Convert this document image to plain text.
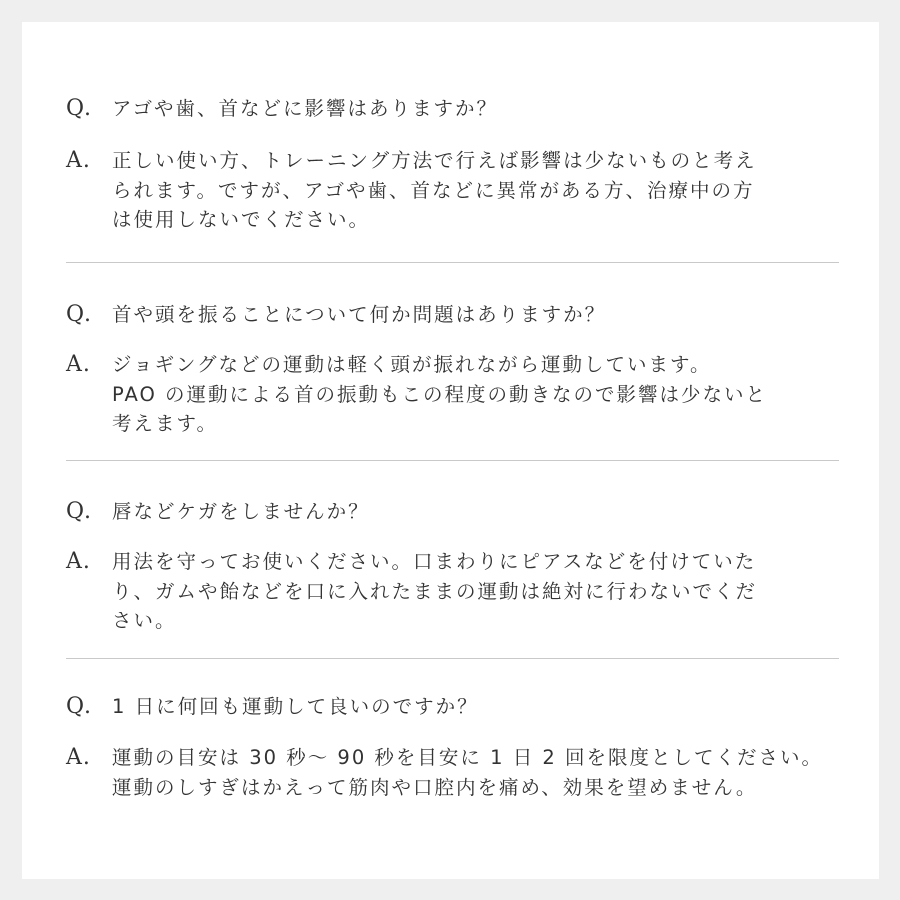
Q.	アゴや歯、首などに影響はありますか？
A.	正しい使い方、トレーニング方法で行えば影響は少ないものと考え
られます。ですが、アゴや歯、首などに異常がある方、治療中の方
は使用しないでください。
Q.	首や頭を振ることについて何か問題はありますか？
A.	ジョギングなどの運動は軽く頭が振れながら運動しています。
PAO の運動による首の振動もこの程度の動きなので影響は少ないと
考えます。
Q.	唇などケガをしませんか？
A.	用法を守ってお使いください。口まわりにピアスなどを付けていた
り、ガムや飴などを口に入れたままの運動は絶対に行わないでくだ
さい。
Q.	1 日に何回も運動して良いのですか？
A.	運動の目安は 30 秒～ 90 秒を目安に 1 日 2 回を限度としてください。
運動のしすぎはかえって筋肉や口腔内を痛め、効果を望めません。
